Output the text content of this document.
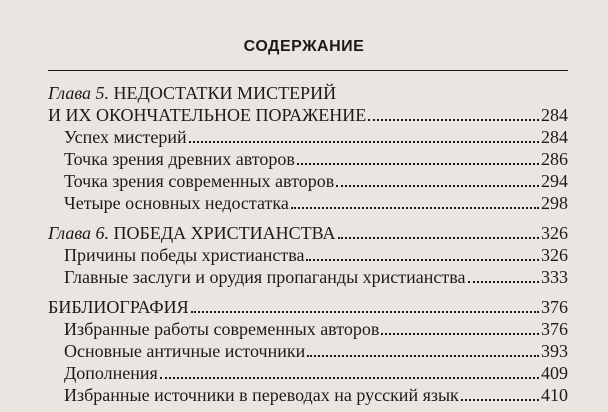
СОДЕРЖАНИЕ
Глава 5. НЕДОСТАТКИ МИСТЕРИЙ
И ИХ ОКОНЧАТЕЛЬНОЕ ПОРАЖЕНИЕ	284
Успех мистерий	284
Точка зрения древних авторов	286
Точка зрения современных авторов	294
Четыре основных недостатка	298
Глава 6. ПОБЕДА ХРИСТИАНСТВА	326
Причины победы христианства	326
Главные заслуги и орудия пропаганды христианства	333
БИБЛИОГРАФИЯ	376
Избранные работы современных авторов	376
Основные античные источники	393
Дополнения	409
Избранные источники в переводах на русский язык	410
